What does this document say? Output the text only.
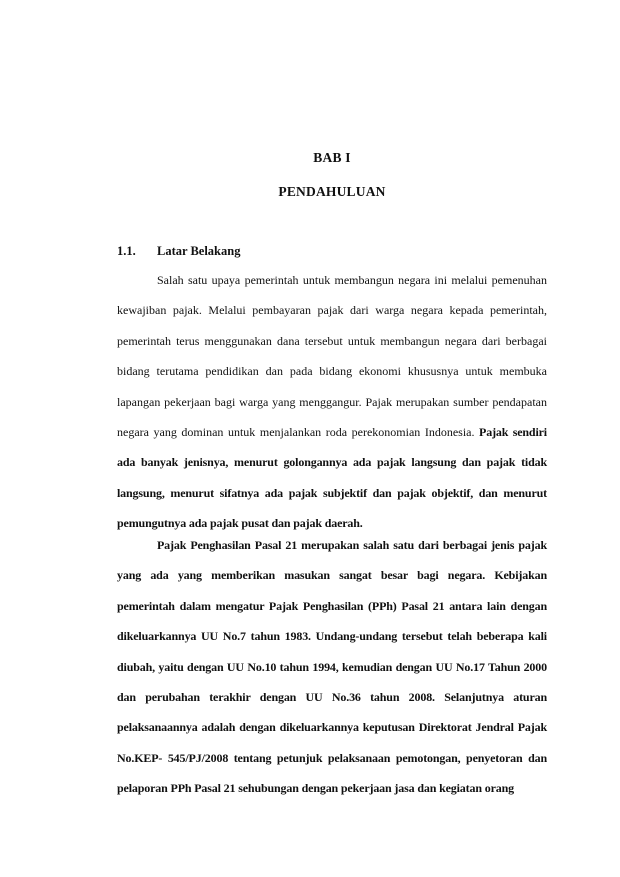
BAB I
PENDAHULUAN
1.1. Latar Belakang

Salah satu upaya pemerintah untuk membangun negara ini melalui pemenuhan kewajiban pajak. Melalui pembayaran pajak dari warga negara kepada pemerintah, pemerintah terus menggunakan dana tersebut untuk membangun negara dari berbagai bidang terutama pendidikan dan pada bidang ekonomi khususnya untuk membuka lapangan pekerjaan bagi warga yang menggangur. Pajak merupakan sumber pendapatan negara yang dominan untuk menjalankan roda perekonomian Indonesia. Pajak sendiri ada banyak jenisnya, menurut golongannya ada pajak langsung dan pajak tidak langsung, menurut sifatnya ada pajak subjektif dan pajak objektif, dan menurut pemungutnya ada pajak pusat dan pajak daerah.

Pajak Penghasilan Pasal 21 merupakan salah satu dari berbagai jenis pajak yang ada yang memberikan masukan sangat besar bagi negara. Kebijakan pemerintah dalam mengatur Pajak Penghasilan (PPh) Pasal 21 antara lain dengan dikeluarkannya UU No.7 tahun 1983. Undang-undang tersebut telah beberapa kali diubah, yaitu dengan UU No.10 tahun 1994, kemudian dengan UU No.17 Tahun 2000 dan perubahan terakhir dengan UU No.36 tahun 2008. Selanjutnya aturan pelaksanaannya adalah dengan dikeluarkannya keputusan Direktorat Jendral Pajak No.KEP- 545/PJ/2008 tentang petunjuk pelaksanaan pemotongan, penyetoran dan pelaporan PPh Pasal 21 sehubungan dengan pekerjaan jasa dan kegiatan orang
